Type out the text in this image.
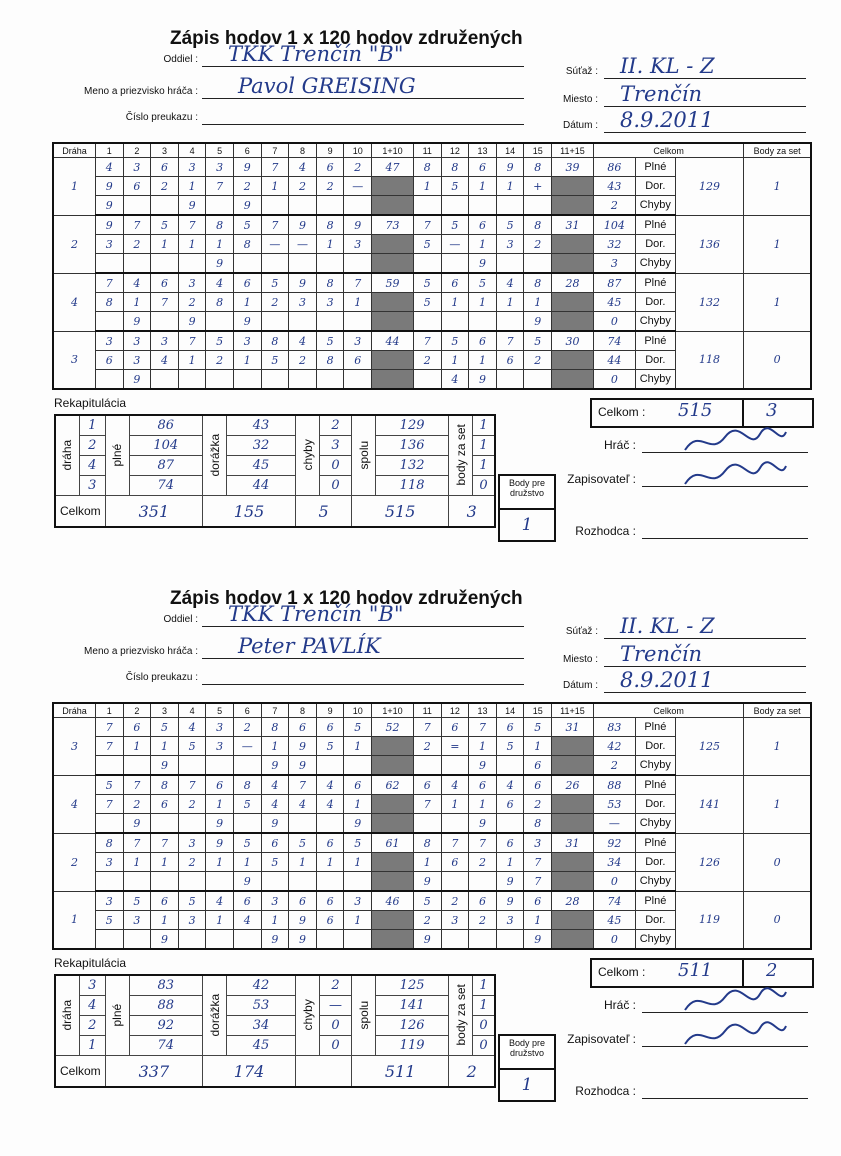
Zápis hodov 1 x 120 hodov združených
Oddiel : TKK Trenčín "B"
Meno a priezvisko hráča : Pavol GREISING
Číslo preukazu :
Súťaž : II. KL - Z
Miesto : Trenčín
Dátum : 8.9.2011
Dráha	1	2	3	4	5	6	7	8	9	10	1+10	11	12	13	14	15	11+15	Celkom			Body za set
1	4	3	6	3	3	9	7	4	6	2	47	8	8	6	9	8	39	86	Plné	129	1
	9	6	2	1	7	2	1	2	2	—		1	5	1	1	+		43	Dor.		
	9			9		9												2	Chyby		
2	9	7	5	7	8	5	7	9	8	9	73	7	5	6	5	8	31	104	Plné	136	1
	3	2	1	1	1	8	—	—	1	3		5	—	1	3	2		32	Dor.		
					9									9				3	Chyby		
4	7	4	6	3	4	6	5	9	8	7	59	5	6	5	4	8	28	87	Plné	132	1
	8	1	7	2	8	1	2	3	3	1		5	1	1	1	1		45	Dor.		
		9		9		9										9		0	Chyby		
3	3	3	3	7	5	3	8	4	5	3	44	7	5	6	7	5	30	74	Plné	118	0
	6	3	4	1	2	1	5	2	8	6		2	1	1	6	2		44	Dor.		
		9											4	9				0	Chyby		
Celkom : 515	3
Rekapitulácia
dráha	1	plné	86	dorážka	43	chyby	2	spolu	129	body za set	1
	2		104		32		3		136		1
	4		87		45		0		132		1
	3		74		44		0		118		0
Celkom		351		155		5		515		3	
Body pre družstvo
1
Hráč :
Zapisovateľ :
Rozhodca :
Zápis hodov 1 x 120 hodov združených
Oddiel : TKK Trenčín "B"
Meno a priezvisko hráča : Peter PAVLÍK
Číslo preukazu :
Súťaž : II. KL - Z
Miesto : Trenčín
Dátum : 8.9.2011
Dráha	1	2	3	4	5	6	7	8	9	10	1+10	11	12	13	14	15	11+15	Celkom			Body za set
3	7	6	5	4	3	2	8	6	6	5	52	7	6	7	6	5	31	83	Plné	125	1
	7	1	1	5	3	—	1	9	5	1		2	=	1	5	1		42	Dor.		
			9				9	9						9		6		2	Chyby		
4	5	7	8	7	6	8	4	7	4	6	62	6	4	6	4	6	26	88	Plné	141	1
	7	2	6	2	1	5	4	4	4	1		7	1	1	6	2		53	Dor.		
		9			9		9			9				9		8		—	Chyby		
2	8	7	7	3	9	5	6	5	6	5	61	8	7	7	6	3	31	92	Plné	126	0
	3	1	1	2	1	1	5	1	1	1		1	6	2	1	7		34	Dor.		
						9						9			9	7		0	Chyby		
1	3	5	6	5	4	6	3	6	6	3	46	5	2	6	9	6	28	74	Plné	119	0
	5	3	1	3	1	4	1	9	6	1		2	3	2	3	1		45	Dor.		
			9				9	9				9				9		0	Chyby		
Celkom : 511	2
Rekapitulácia
dráha	3	plné	83	dorážka	42	chyby	2	spolu	125	body za set	1
	4		88		53		—		141		1
	2		92		34		0		126		0
	1		74		45		0		119		0
Celkom		337		174				511		2	
Body pre družstvo
1
Hráč :
Zapisovateľ :
Rozhodca :
